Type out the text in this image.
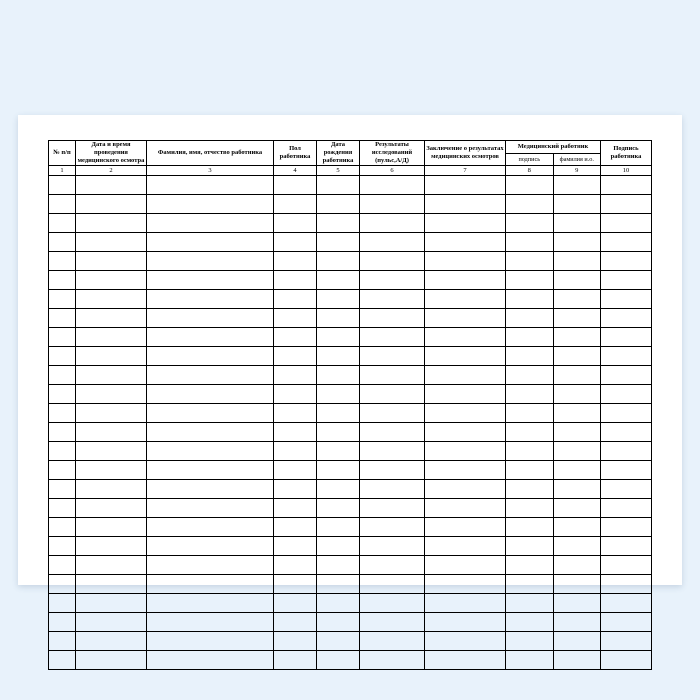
№ п/п	Дата и время проведения медицинского осмотра	Фамилия, имя, отчество работника	Пол работника	Дата рождения работника	Результаты исследований (пульс,А/Д)	Заключение о результатах медицинских осмотров	Медицинский работник		Подпись работника
							подпись	фамилия и.о.	
1	2	3	4	5	6	7	8	9	10
